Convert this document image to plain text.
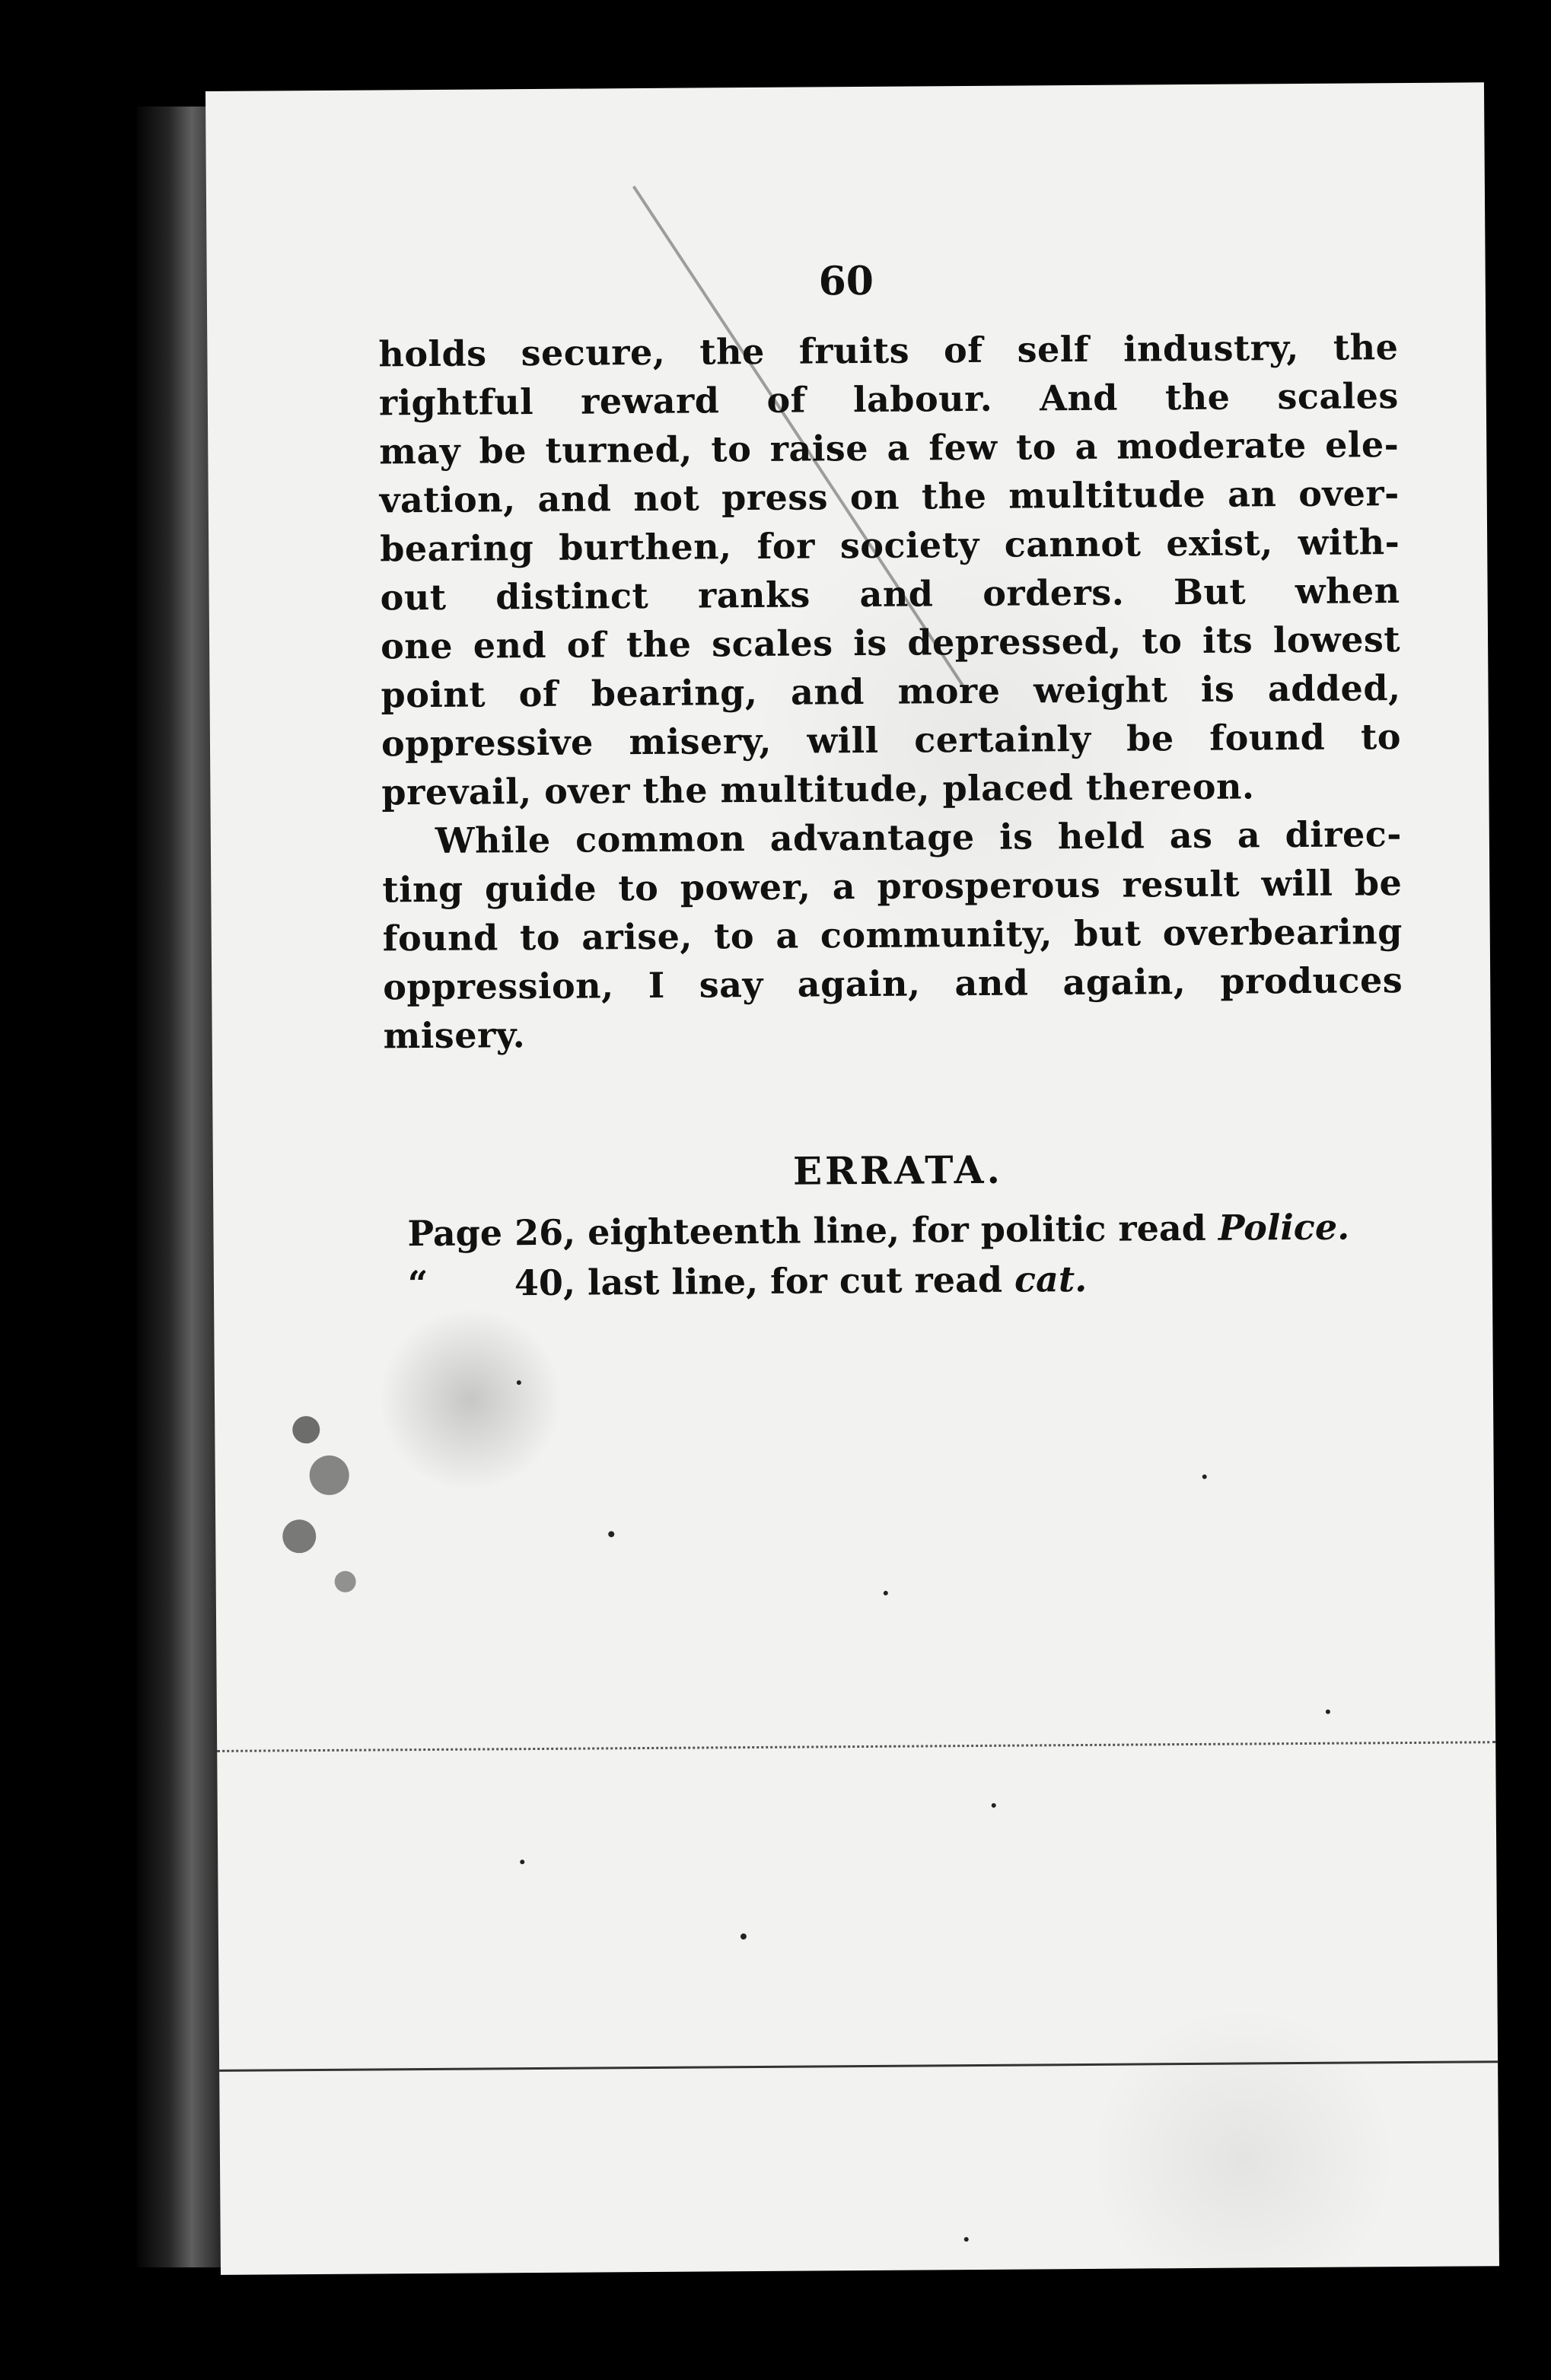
60
holds secure, the fruits of self industry, the
rightful reward of labour. And the scales
may be turned, to raise a few to a moderate ele-
vation, and not press on the multitude an over-
bearing burthen, for society cannot exist, with-
out distinct ranks and orders. But when
one end of the scales is depressed, to its lowest
point of bearing, and more weight is added,
oppressive misery, will certainly be found to
prevail, over the multitude, placed thereon.
While common advantage is held as a direc-
ting guide to power, a prosperous result will be
found to arise, to a community, but overbearing
oppression, I say again, and again, produces
misery.
ERRATA.
Page 26, eighteenth line, for politic read Police.
“ 40, last line, for cut read cat.
